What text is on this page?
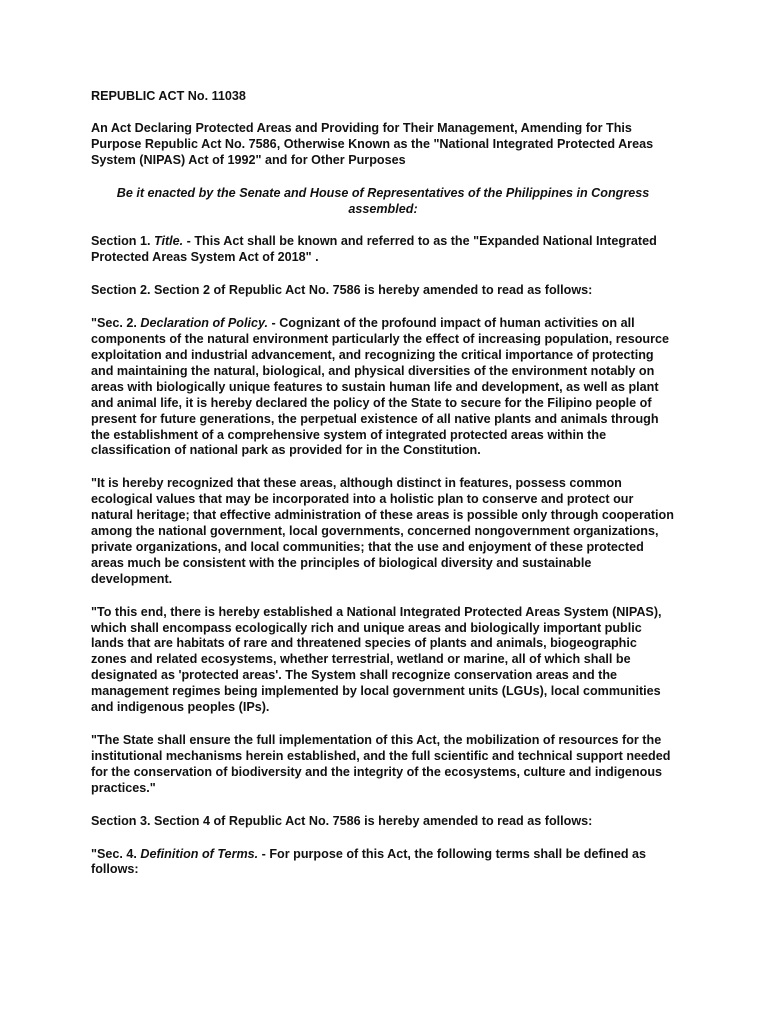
REPUBLIC ACT No. 11038

An Act Declaring Protected Areas and Providing for Their Management, Amending for This Purpose Republic Act No. 7586, Otherwise Known as the "National Integrated Protected Areas System (NIPAS) Act of 1992" and for Other Purposes

Be it enacted by the Senate and House of Representatives of the Philippines in Congress assembled:

Section 1. Title. - This Act shall be known and referred to as the "Expanded National Integrated Protected Areas System Act of 2018" .

Section 2. Section 2 of Republic Act No. 7586 is hereby amended to read as follows:

"Sec. 2. Declaration of Policy. - Cognizant of the profound impact of human activities on all components of the natural environment particularly the effect of increasing population, resource exploitation and industrial advancement, and recognizing the critical importance of protecting and maintaining the natural, biological, and physical diversities of the environment notably on areas with biologically unique features to sustain human life and development, as well as plant and animal life, it is hereby declared the policy of the State to secure for the Filipino people of present for future generations, the perpetual existence of all native plants and animals through the establishment of a comprehensive system of integrated protected areas within the classification of national park as provided for in the Constitution.

"It is hereby recognized that these areas, although distinct in features, possess common ecological values that may be incorporated into a holistic plan to conserve and protect our natural heritage; that effective administration of these areas is possible only through cooperation among the national government, local governments, concerned nongovernment organizations, private organizations, and local communities; that the use and enjoyment of these protected areas much be consistent with the principles of biological diversity and sustainable development.

"To this end, there is hereby established a National Integrated Protected Areas System (NIPAS), which shall encompass ecologically rich and unique areas and biologically important public lands that are habitats of rare and threatened species of plants and animals, biogeographic zones and related ecosystems, whether terrestrial, wetland or marine, all of which shall be designated as 'protected areas'. The System shall recognize conservation areas and the management regimes being implemented by local government units (LGUs), local communities and indigenous peoples (IPs).

"The State shall ensure the full implementation of this Act, the mobilization of resources for the institutional mechanisms herein established, and the full scientific and technical support needed for the conservation of biodiversity and the integrity of the ecosystems, culture and indigenous practices."

Section 3. Section 4 of Republic Act No. 7586 is hereby amended to read as follows:

"Sec. 4. Definition of Terms. - For purpose of this Act, the following terms shall be defined as follows:
